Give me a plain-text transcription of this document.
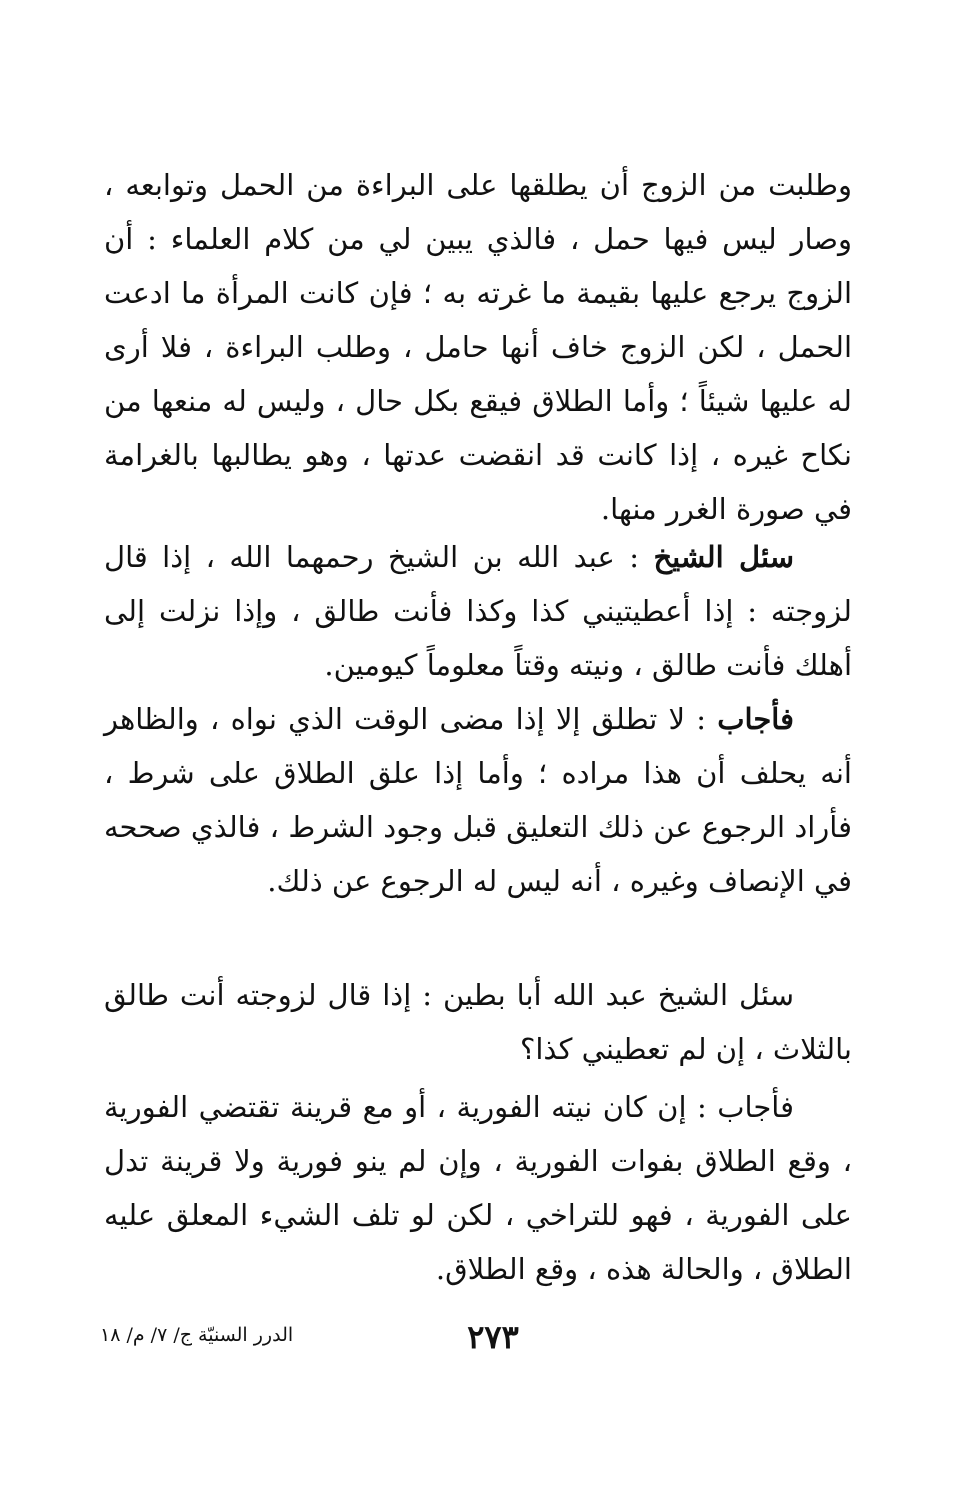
وطلبت من الزوج أن يطلقها على البراءة من الحمل وتوابعه ، وصار ليس فيها حمل ، فالذي يبين لي من كلام العلماء : أن الزوج يرجع عليها بقيمة ما غرته به ؛ فإن كانت المرأة ما ادعت الحمل ، لكن الزوج خاف أنها حامل ، وطلب البراءة ، فلا أرى له عليها شيئاً ؛ وأما الطلاق فيقع بكل حال ، وليس له منعها من نكاح غيره ، إذا كانت قد انقضت عدتها ، وهو يطالبها بالغرامة في صورة الغرر منها.

سئل الشيخ : عبد الله بن الشيخ رحمهما الله ، إذا قال لزوجته : إذا أعطيتيني كذا وكذا فأنت طالق ، وإذا نزلت إلى أهلك فأنت طالق ، ونيته وقتاً معلوماً كيومين.

فأجاب : لا تطلق إلا إذا مضى الوقت الذي نواه ، والظاهر أنه يحلف أن هذا مراده ؛ وأما إذا علق الطلاق على شرط ، فأراد الرجوع عن ذلك التعليق قبل وجود الشرط ، فالذي صححه في الإنصاف وغيره ، أنه ليس له الرجوع عن ذلك.

سئل الشيخ عبد الله أبا بطين : إذا قال لزوجته أنت طالق بالثلاث ، إن لم تعطيني كذا؟

فأجاب : إن كان نيته الفورية ، أو مع قرينة تقتضي الفورية ، وقع الطلاق بفوات الفورية ، وإن لم ينو فورية ولا قرينة تدل على الفورية ، فهو للتراخي ، لكن لو تلف الشيء المعلق عليه الطلاق ، والحالة هذه ، وقع الطلاق.

٢٧٣
الدرر السنيّة ج/ ٧/ م/ ١٨
